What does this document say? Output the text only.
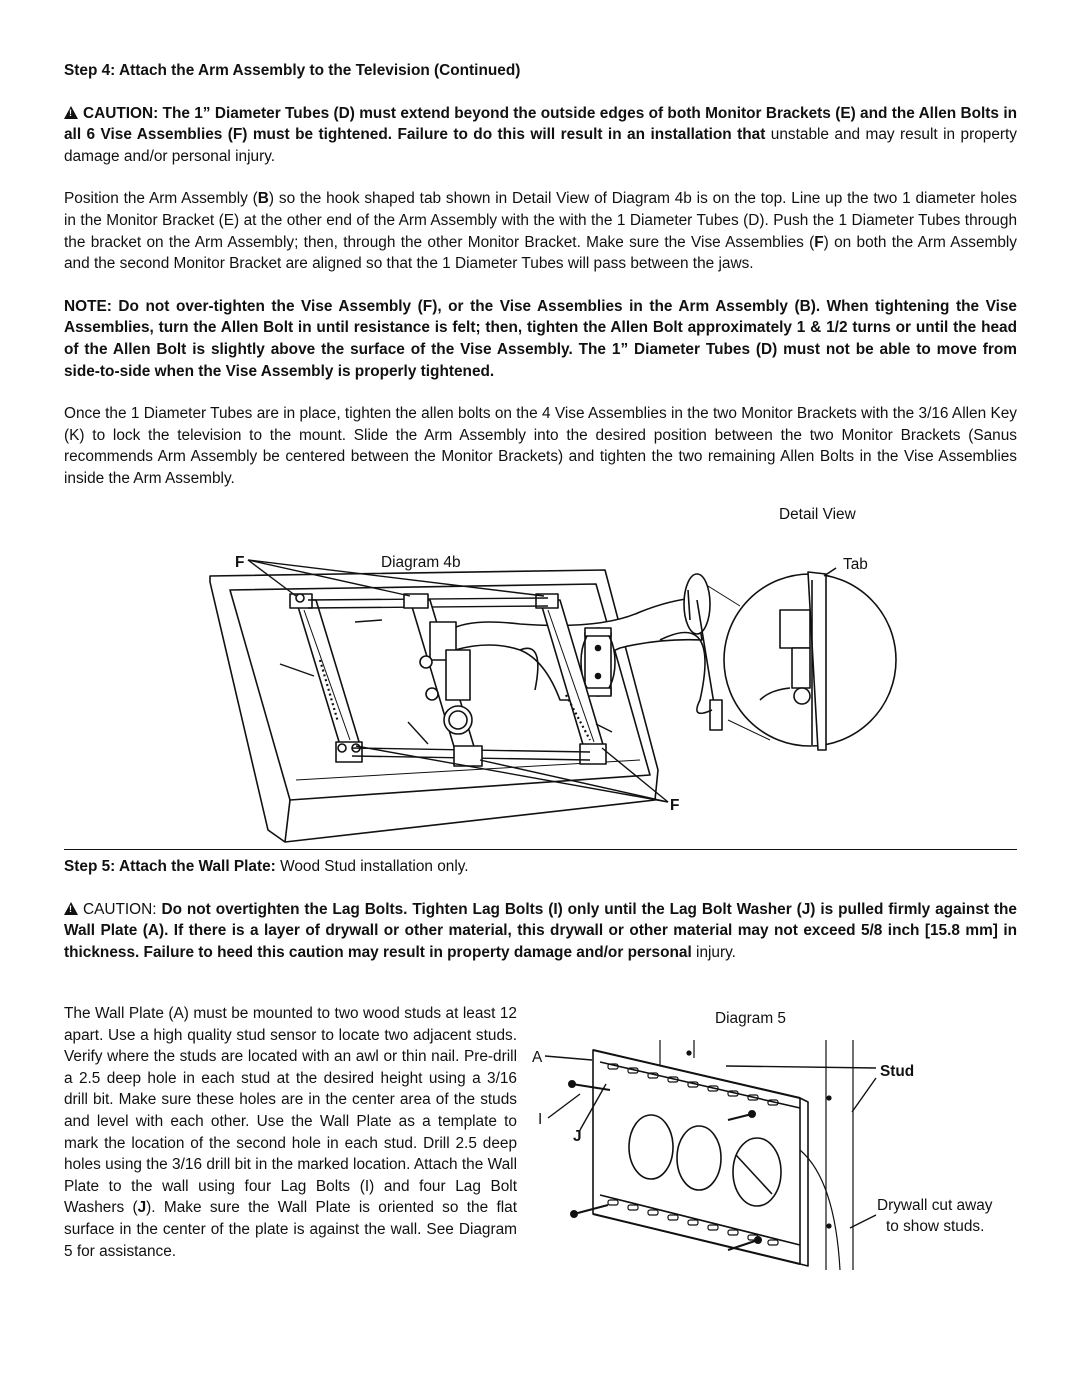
Step 4: Attach the Arm Assembly to the Television (Continued)

!CAUTION: The 1” Diameter Tubes (D) must extend beyond the outside edges of both Monitor Brackets (E) and the Allen Bolts in all 6 Vise Assemblies (F) must be tightened. Failure to do this will result in an installation that unstable and may result in property damage and/or personal injury.

Position the Arm Assembly (B) so the hook shaped tab shown in Detail View of Diagram 4b is on the top. Line up the two 1 diameter holes in the Monitor Bracket (E) at the other end of the Arm Assembly with the with the 1 Diameter Tubes (D). Push the 1 Diameter Tubes through the bracket on the Arm Assembly; then, through the other Monitor Bracket. Make sure the Vise Assemblies (F) on both the Arm Assembly and the second Monitor Bracket are aligned so that the 1 Diameter Tubes will pass between the jaws.

NOTE: Do not over-tighten the Vise Assembly (F), or the Vise Assemblies in the Arm Assembly (B). When tightening the Vise Assemblies, turn the Allen Bolt in until resistance is felt; then, tighten the Allen Bolt approximately 1 & 1/2 turns or until the head of the Allen Bolt is slightly above the surface of the Vise Assembly. The 1” Diameter Tubes (D) must not be able to move from side-to-side when the Vise Assembly is properly tightened.

Once the 1 Diameter Tubes are in place, tighten the allen bolts on the 4 Vise Assemblies in the two Monitor Brackets with the 3/16 Allen Key (K) to lock the television to the mount. Slide the Arm Assembly into the desired position between the two Monitor Brackets (Sanus recommends Arm Assembly be centered between the Monitor Brackets) and tighten the two remaining Allen Bolts in the Vise Assemblies inside the Arm Assembly.

Detail View
Diagram 4b
F
F
Tab

Step 5: Attach the Wall Plate: Wood Stud installation only.

!CAUTION: Do not overtighten the Lag Bolts. Tighten Lag Bolts (I) only until the Lag Bolt Washer (J) is pulled firmly against the Wall Plate (A). If there is a layer of drywall or other material, this drywall or other material may not exceed 5/8 inch [15.8 mm] in thickness. Failure to heed this caution may result in property damage and/or personal injury.

The Wall Plate (A) must be mounted to two wood studs at least 12 apart. Use a high quality stud sensor to locate two adjacent studs. Verify where the studs are located with an awl or thin nail. Pre-drill a 2.5 deep hole in each stud at the desired height using a 3/16 drill bit. Make sure these holes are in the center area of the studs and level with each other. Use the Wall Plate as a template to mark the location of the second hole in each stud. Drill 2.5 deep holes using the 3/16 drill bit in the marked location. Attach the Wall Plate to the wall using four Lag Bolts (I) and four Lag Bolt Washers (J). Make sure the Wall Plate is oriented so the flat surface in the center of the plate is against the wall. See Diagram 5 for assistance.

Diagram 5
A
Stud
I
J
Drywall cut away
to show studs.
